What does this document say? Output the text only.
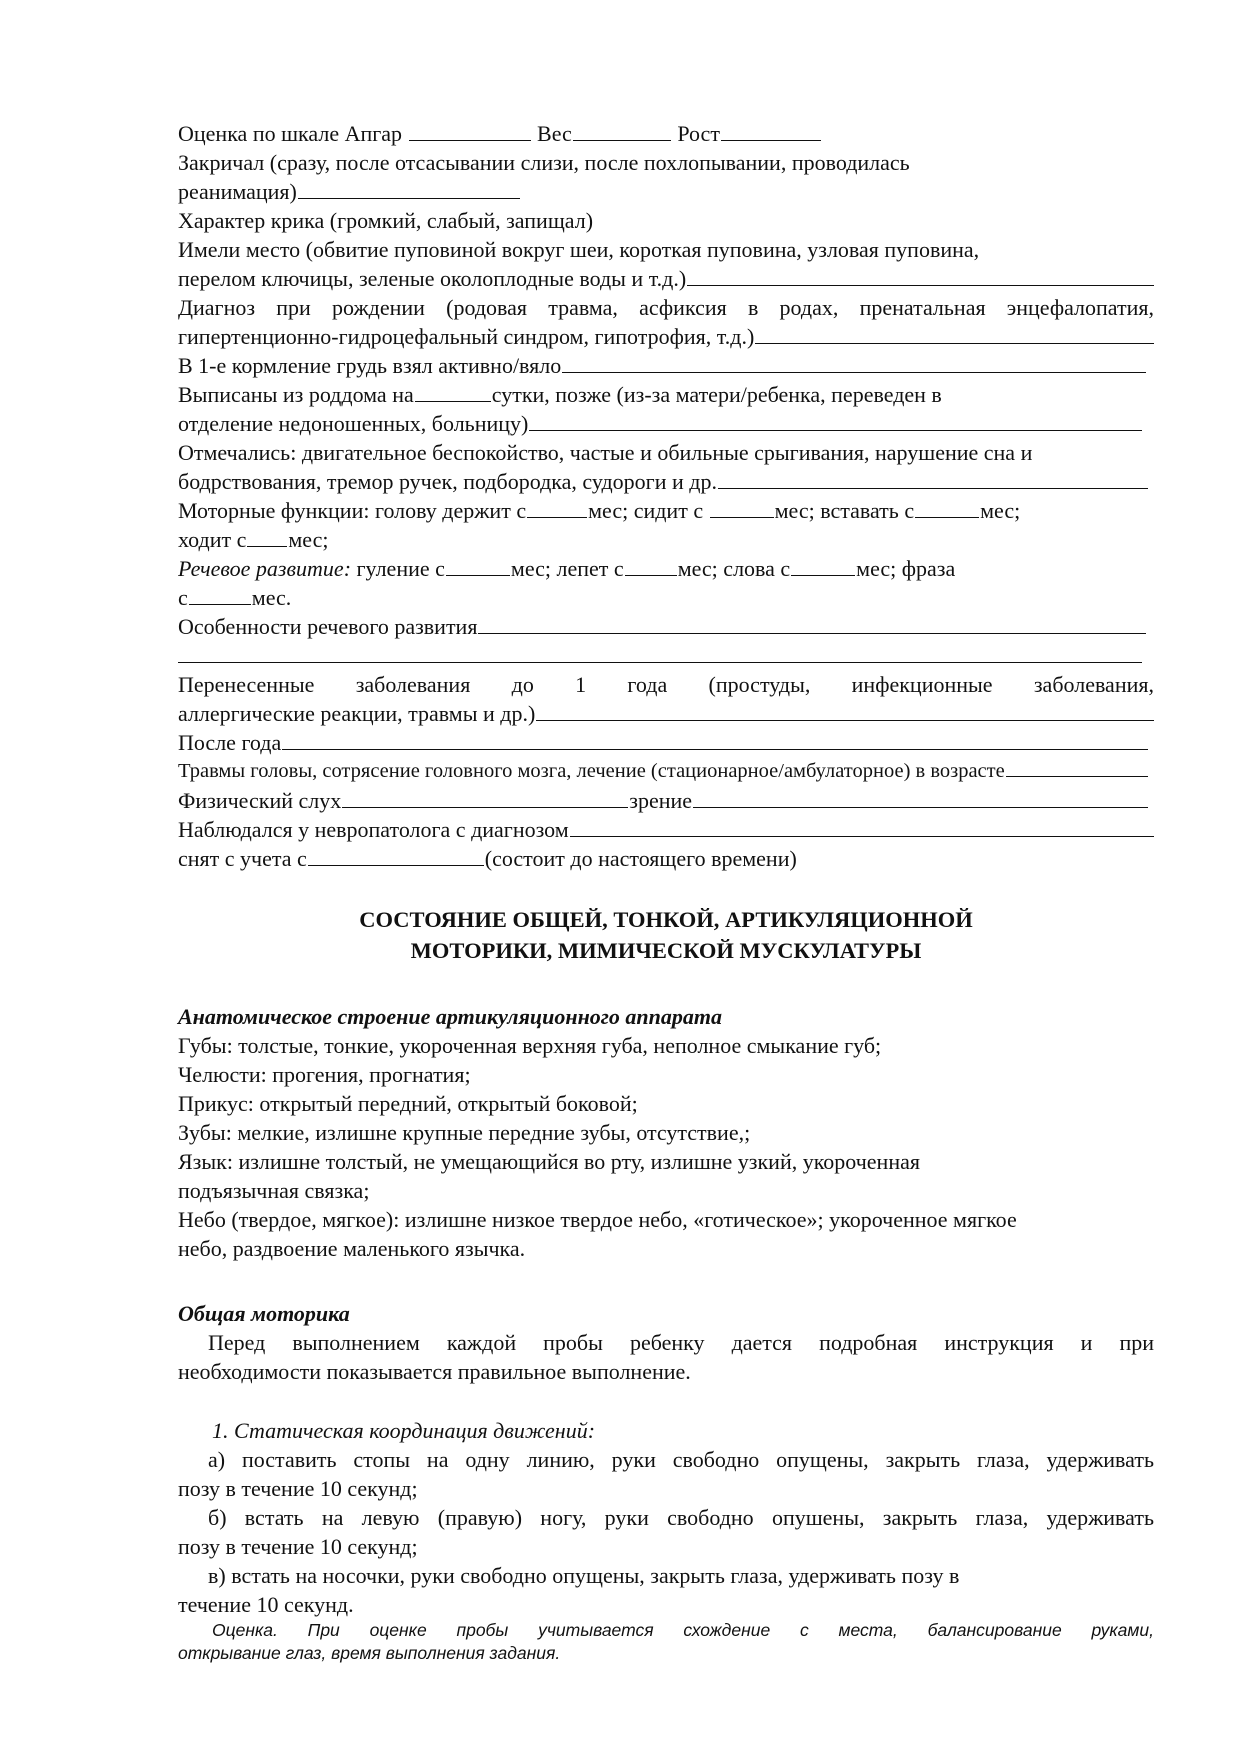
Оценка по шкале Апгар	Вес	Рост
Закричал (сразу, после отсасывании слизи, после похлопывании, проводилась
реанимация)
Характер крика (громкий, слабый, запищал)
Имели место (обвитие пуповиной вокруг шеи, короткая пуповина, узловая пуповина,
перелом ключицы, зеленые околоплодные воды и т.д.)
Диагноз при рождении (родовая травма, асфиксия в родах, пренатальная энцефалопатия,
гипертенционно-гидроцефальный синдром, гипотрофия, т.д.)
В 1-е кормление грудь взял активно/вяло
Выписаны из роддома на	сутки, позже (из-за матери/ребенка, переведен в
отделение недоношенных, больницу)
Отмечались: двигательное беспокойство, частые и обильные срыгивания, нарушение сна и
бодрствования, тремор ручек, подбородка, судороги и др.
Моторные функции: голову держит с	мес; сидит с	мес; вставать с	мес;
ходит с мес;
Речевое развитие: гуление с	мес; лепет с мес; слова с	мес; фраза
с	мес.
Особенности речевого развития
Перенесенные заболевания до 1 года (простуды, инфекционные заболевания,
аллергические реакции, травмы и др.)
После года
Травмы головы, сотрясение головного мозга, лечение (стационарное/амбулаторное) в возрасте
Физический слух	зрение
Наблюдался у невропатолога с диагнозом
снят с учета с	(состоит до настоящего времени)
СОСТОЯНИЕ ОБЩЕЙ, ТОНКОЙ, АРТИКУЛЯЦИОННОЙ
МОТОРИКИ, МИМИЧЕСКОЙ МУСКУЛАТУРЫ
Анатомическое строение артикуляционного аппарата
Губы: толстые, тонкие, укороченная верхняя губа, неполное смыкание губ;
Челюсти: прогения, прогнатия;
Прикус: открытый передний, открытый боковой;
Зубы: мелкие, излишне крупные передние зубы, отсутствие,;
Язык: излишне толстый, не умещающийся во рту, излишне узкий, укороченная
подъязычная связка;
Небо (твердое, мягкое): излишне низкое твердое небо, «готическое»; укороченное мягкое
небо, раздвоение маленького язычка.
Общая моторика
Перед выполнением каждой пробы ребенку дается подробная инструкция и при
необходимости показывается правильное выполнение.
1. Статическая координация движений:
а) поставить стопы на одну линию, руки свободно опущены, закрыть глаза, удерживать
позу в течение 10 секунд;
б) встать на левую (правую) ногу, руки свободно опушены, закрыть глаза, удерживать
позу в течение 10 секунд;
в) встать на носочки, руки свободно опущены, закрыть глаза, удерживать позу в
течение 10 секунд.
Оценка. При оценке пробы учитывается схождение с места, балансирование руками,
открывание глаз, время выполнения задания.
